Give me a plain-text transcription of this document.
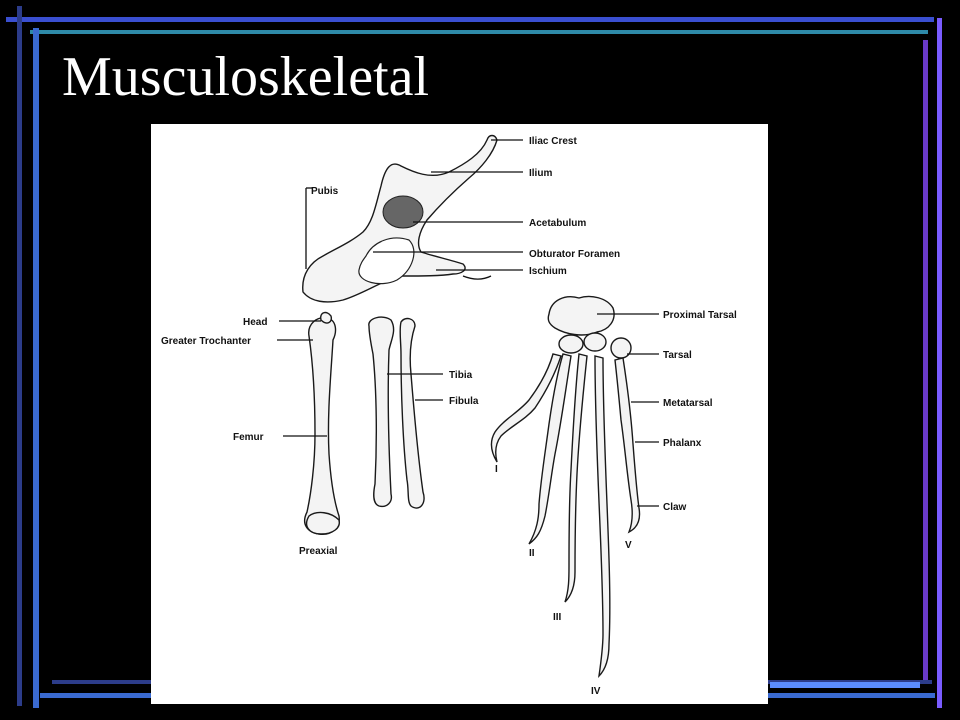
Musculoskeletal
Iliac Crest
Ilium
Pubis
Acetabulum
Obturator Foramen
Ischium
Head
Greater Trochanter
Femur
Preaxial
Tibia
Fibula
Proximal Tarsal
Tarsal
Metatarsal
Phalanx
Claw
I
II
III
IV
V
